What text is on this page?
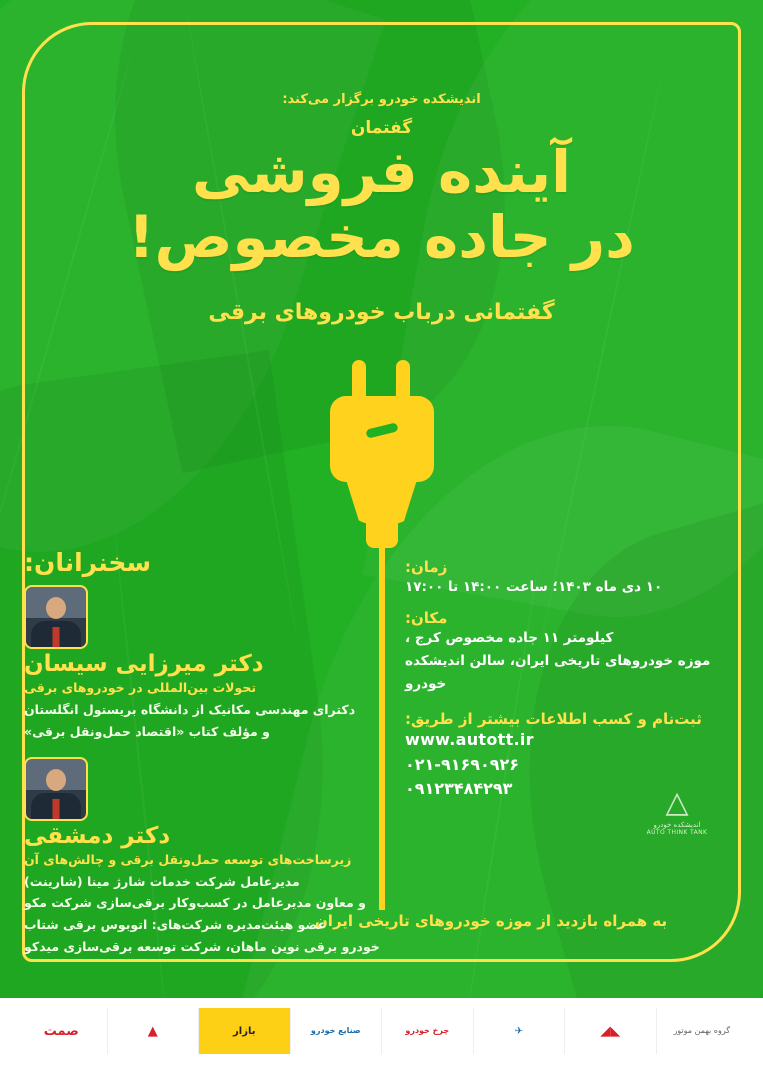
اندیشکده خودرو برگزار می‌کند:
گفتمان
آینده فروشی
در جاده مخصوص!
گفتمانی درباب خودروهای برقی
زمان:
۱۰ دی ماه ۱۴۰۳؛ ساعت ۱۴:۰۰ تا ۱۷:۰۰
مکان:
کیلومتر ۱۱ جاده مخصوص کرج ،
موزه خودروهای تاریخی ایران، سالن اندیشکده خودرو
ثبت‌نام و کسب اطلاعات بیشتر از طریق:
www.autott.ir
۰۲۱-۹۱۶۹۰۹۲۶
۰۹۱۲۳۴۸۴۲۹۳	△
اندیشکده خودرو
AUTO THINK TANK
به همراه بازدید از موزه خودروهای تاریخی ایران
سخنرانان:
دکتر میرزایی سیسان
تحولات بین‌المللی در خودروهای برقی
دکترای مهندسی مکانیک از دانشگاه بریستول انگلستان
و مؤلف کتاب «اقتصاد حمل‌ونقل برقی»
دکتر دمشقی
زیرساخت‌های توسعه حمل‌ونقل برقی و چالش‌های آن
مدیرعامل شرکت خدمات شارژ مینا (شارینت)
و معاون مدیرعامل در کسب‌وکار برقی‌سازی شرکت مکو
عضو هیئت‌مدیره شرکت‌های: اتوبوس برقی شتاب
خودرو برقی نوین ماهان، شرکت توسعه برقی‌سازی میدکو
گروه بهمن موتور
◣◢
✈
چرخ خودرو
صنایع خودرو
بازار
▲
صمت
